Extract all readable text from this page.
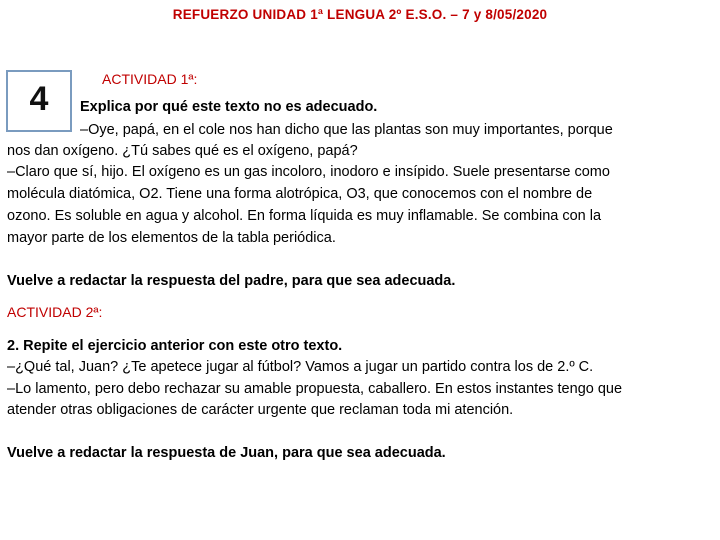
REFUERZO UNIDAD 1ª LENGUA 2º E.S.O. – 7 y 8/05/2020
4
ACTIVIDAD 1ª:
Explica por qué este texto no es adecuado.
–Oye, papá, en el cole nos han dicho que las plantas son muy importantes, porque
nos dan oxígeno. ¿Tú sabes qué es el oxígeno, papá?
–Claro que sí, hijo. El oxígeno es un gas incoloro, inodoro e insípido. Suele presentarse como
molécula diatómica, O2. Tiene una forma alotrópica, O3, que conocemos con el nombre de
ozono. Es soluble en agua y alcohol. En forma líquida es muy inflamable. Se combina con la
mayor parte de los elementos de la tabla periódica.
Vuelve a redactar la respuesta del padre, para que sea adecuada.
ACTIVIDAD 2ª:
2. Repite el ejercicio anterior con este otro texto.
–¿Qué tal, Juan? ¿Te apetece jugar al fútbol? Vamos a jugar un partido contra los de 2.º C.
–Lo lamento, pero debo rechazar su amable propuesta, caballero. En estos instantes tengo que
atender otras obligaciones de carácter urgente que reclaman toda mi atención.
Vuelve a redactar la respuesta de Juan, para que sea adecuada.
